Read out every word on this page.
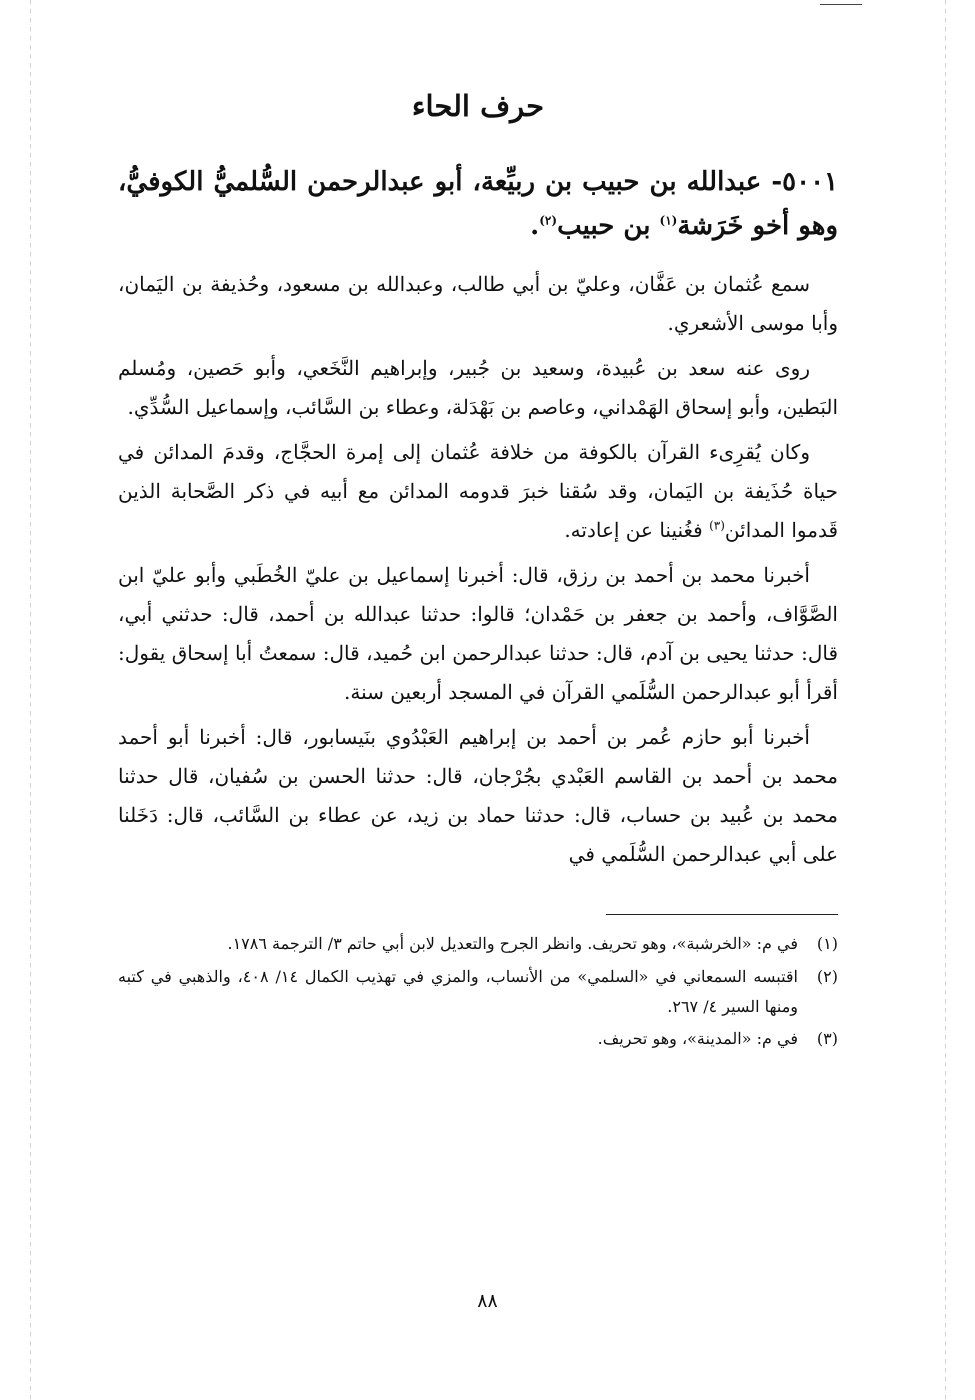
حرف الحاء

٥٠٠١- عبدالله بن حبيب بن ربيِّعة، أبو عبدالرحمن السُّلميُّ الكوفيُّ، وهو أخو خَرَشة$^{(١)}$ بن حبيب$^{(٢)}$.

سمع عُثمان بن عَفَّان، وعليّ بن أبي طالب، وعبدالله بن مسعود، وحُذيفة بن اليَمان، وأبا موسى الأشعري.

روى عنه سعد بن عُبيدة، وسعيد بن جُبير، وإبراهيم النَّخَعي، وأبو حَصين، ومُسلم البَطين، وأبو إسحاق الهَمْداني، وعاصم بن بَهْدَلة، وعطاء بن السَّائب، وإسماعيل السُّدِّي.

وكان يُقرِىء القرآن بالكوفة من خلافة عُثمان إلى إمرة الحجَّاج، وقدمَ المدائن في حياة حُذَيفة بن اليَمان، وقد سُقنا خبرَ قدومه المدائن مع أبيه في ذكر الصَّحابة الذين قَدموا المدائن$^{(٣)}$ فغُنينا عن إعادته.

أخبرنا محمد بن أحمد بن رزق، قال: أخبرنا إسماعيل بن عليّ الخُطَبي وأبو عليّ ابن الصَّوَّاف، وأحمد بن جعفر بن حَمْدان؛ قالوا: حدثنا عبدالله بن أحمد، قال: حدثني أبي، قال: حدثنا يحيى بن آدم، قال: حدثنا عبدالرحمن ابن حُميد، قال: سمعتُ أبا إسحاق يقول: أقرأ أبو عبدالرحمن السُّلَمي القرآن في المسجد أربعين سنة.

أخبرنا أبو حازم عُمر بن أحمد بن إبراهيم العَبْدُوي بنَيسابور، قال: أخبرنا أبو أحمد محمد بن أحمد بن القاسم العَبْدي بجُرْجان، قال: حدثنا الحسن بن سُفيان، قال حدثنا محمد بن عُبيد بن حساب، قال: حدثنا حماد بن زيد، عن عطاء بن السَّائب، قال: دَخَلنا على أبي عبدالرحمن السُّلَمي في

(١)
في م: «الخرشبة»، وهو تحريف. وانظر الجرح والتعديل لابن أبي حاتم ٣/ الترجمة ١٧٨٦.
(٢)
اقتبسه السمعاني في «السلمي» من الأنساب، والمزي في تهذيب الكمال ١٤/ ٤٠٨، والذهبي في كتبه ومنها السير ٤/ ٢٦٧.
(٣)
في م: «المدينة»، وهو تحريف.
٨٨
